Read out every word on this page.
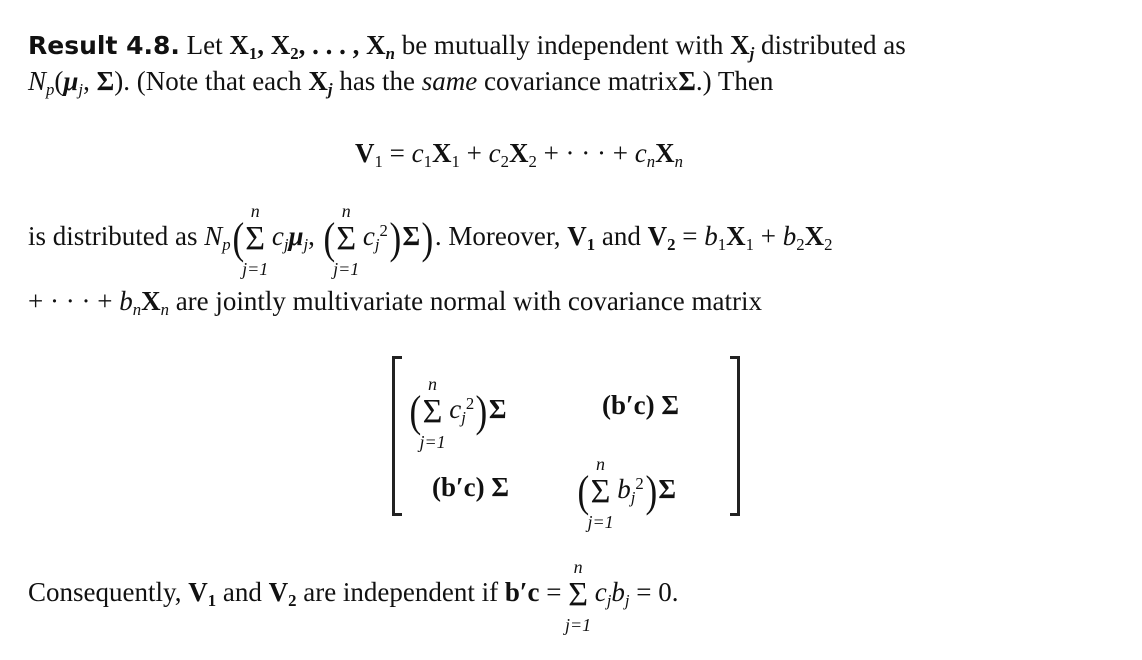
Result 4.8. Let $X_1$, $X_2$, . . . , $X_n$ be mutually independent with $X_j$ distributed as
$N_p(\mu_j$, Σ). (Note that each $X_j$ has the same covariance matrixΣ.) Then
$V_1 = c_1X_1 + c_2X_2$ + · · · + $c_nX_n$
is distributed as $N_p(\Sigma$
n
j=1
$c_j\mu_j$, (Σ
n
j=1
$c_j^2)\Sigma$). Moreover, $V_1$ and $V_2 = b_1X_1 + b_2X_2$
+ · · · + $b_nX_n$ are jointly multivariate normal with covariance matrix
(Σ
n
j=1
$c_j^2)\Sigma$	(b′c) Σ
(b′c) Σ (Σ
n
j=1
$b_j^2)\Sigma$
Consequently, $V_1$ and $V_2$ are independent if b′c = Σ
n
j=1
$c_jb_j = 0$.
